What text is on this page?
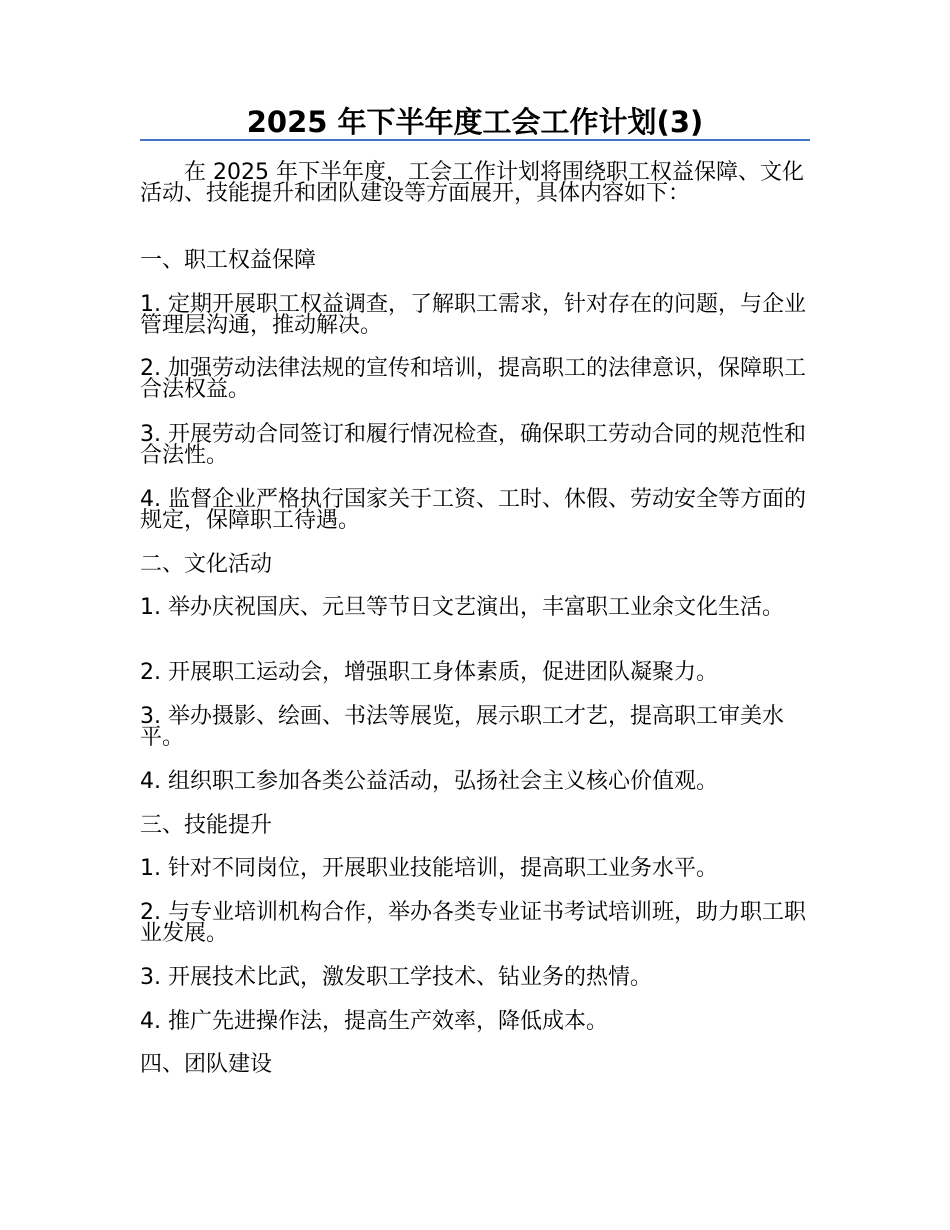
2025 年下半年度工会工作计划(3)

在 2025 年下半年度，工会工作计划将围绕职工权益保障、文化活动、技能提升和团队建设等方面展开，具体内容如下：

一、职工权益保障

1. 定期开展职工权益调查，了解职工需求，针对存在的问题，与企业管理层沟通，推动解决。

2. 加强劳动法律法规的宣传和培训，提高职工的法律意识，保障职工合法权益。

3. 开展劳动合同签订和履行情况检查，确保职工劳动合同的规范性和合法性。

4. 监督企业严格执行国家关于工资、工时、休假、劳动安全等方面的规定，保障职工待遇。

二、文化活动

1. 举办庆祝国庆、元旦等节日文艺演出，丰富职工业余文化生活。

2. 开展职工运动会，增强职工身体素质，促进团队凝聚力。

3. 举办摄影、绘画、书法等展览，展示职工才艺，提高职工审美水平。

4. 组织职工参加各类公益活动，弘扬社会主义核心价值观。

三、技能提升

1. 针对不同岗位，开展职业技能培训，提高职工业务水平。

2. 与专业培训机构合作，举办各类专业证书考试培训班，助力职工职业发展。

3. 开展技术比武，激发职工学技术、钻业务的热情。

4. 推广先进操作法，提高生产效率，降低成本。

四、团队建设
